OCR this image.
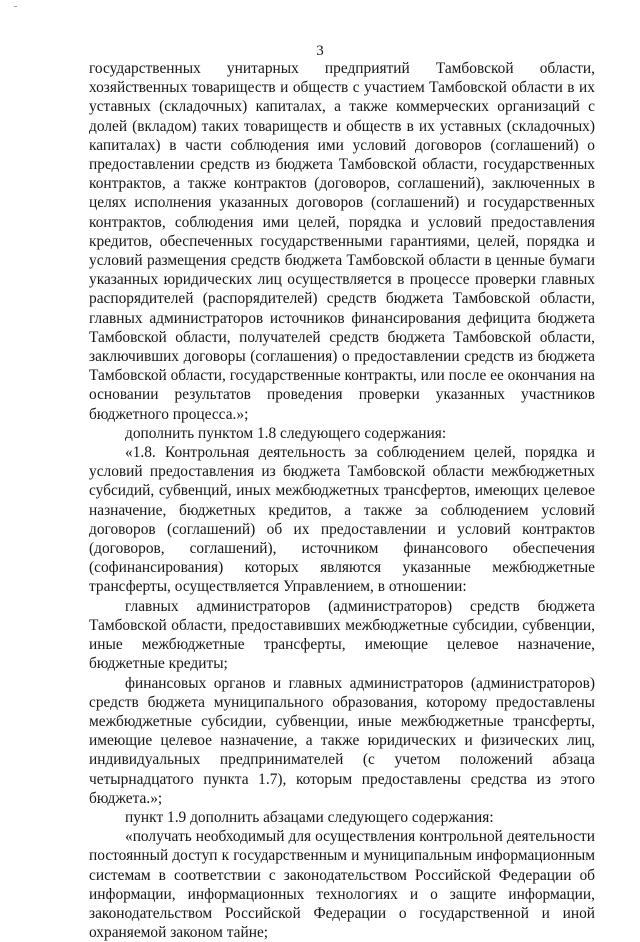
3

государственных унитарных предприятий Тамбовской области, хозяйственных товариществ и обществ с участием Тамбовской области в их уставных (складочных) капиталах, а также коммерческих организаций с долей (вкладом) таких товариществ и обществ в их уставных (складочных) капиталах) в части соблюдения ими условий договоров (соглашений) о предоставлении средств из бюджета Тамбовской области, государственных контрактов, а также контрактов (договоров, соглашений), заключенных в целях исполнения указанных договоров (соглашений) и государственных контрактов, соблюдения ими целей, порядка и условий предоставления кредитов, обеспеченных государственными гарантиями, целей, порядка и условий размещения средств бюджета Тамбовской области в ценные бумаги указанных юридических лиц осуществляется в процессе проверки главных распорядителей (распорядителей) средств бюджета Тамбовской области, главных администраторов источников финансирования дефицита бюджета Тамбовской области, получателей средств бюджета Тамбовской области, заключивших договоры (соглашения) о предоставлении средств из бюджета Тамбовской области, государственные контракты, или после ее окончания на основании результатов проведения проверки указанных участников бюджетного процесса.»;

дополнить пунктом 1.8 следующего содержания:

«1.8. Контрольная деятельность за соблюдением целей, порядка и условий предоставления из бюджета Тамбовской области межбюджетных субсидий, субвенций, иных межбюджетных трансфертов, имеющих целевое назначение, бюджетных кредитов, а также за соблюдением условий договоров (соглашений) об их предоставлении и условий контрактов (договоров, соглашений), источником финансового обеспечения (софинансирования) которых являются указанные межбюджетные трансферты, осуществляется Управлением, в отношении:

главных администраторов (администраторов) средств бюджета Тамбовской области, предоставивших межбюджетные субсидии, субвенции, иные межбюджетные трансферты, имеющие целевое назначение, бюджетные кредиты;

финансовых органов и главных администраторов (администраторов) средств бюджета муниципального образования, которому предоставлены межбюджетные субсидии, субвенции, иные межбюджетные трансферты, имеющие целевое назначение, а также юридических и физических лиц, индивидуальных предпринимателей (с учетом положений абзаца четырнадцатого пункта 1.7), которым предоставлены средства из этого бюджета.»;

пункт 1.9 дополнить абзацами следующего содержания:

«получать необходимый для осуществления контрольной деятельности постоянный доступ к государственным и муниципальным информационным системам в соответствии с законодательством Российской Федерации об информации, информационных технологиях и о защите информации, законодательством Российской Федерации о государственной и иной охраняемой законом тайне;
